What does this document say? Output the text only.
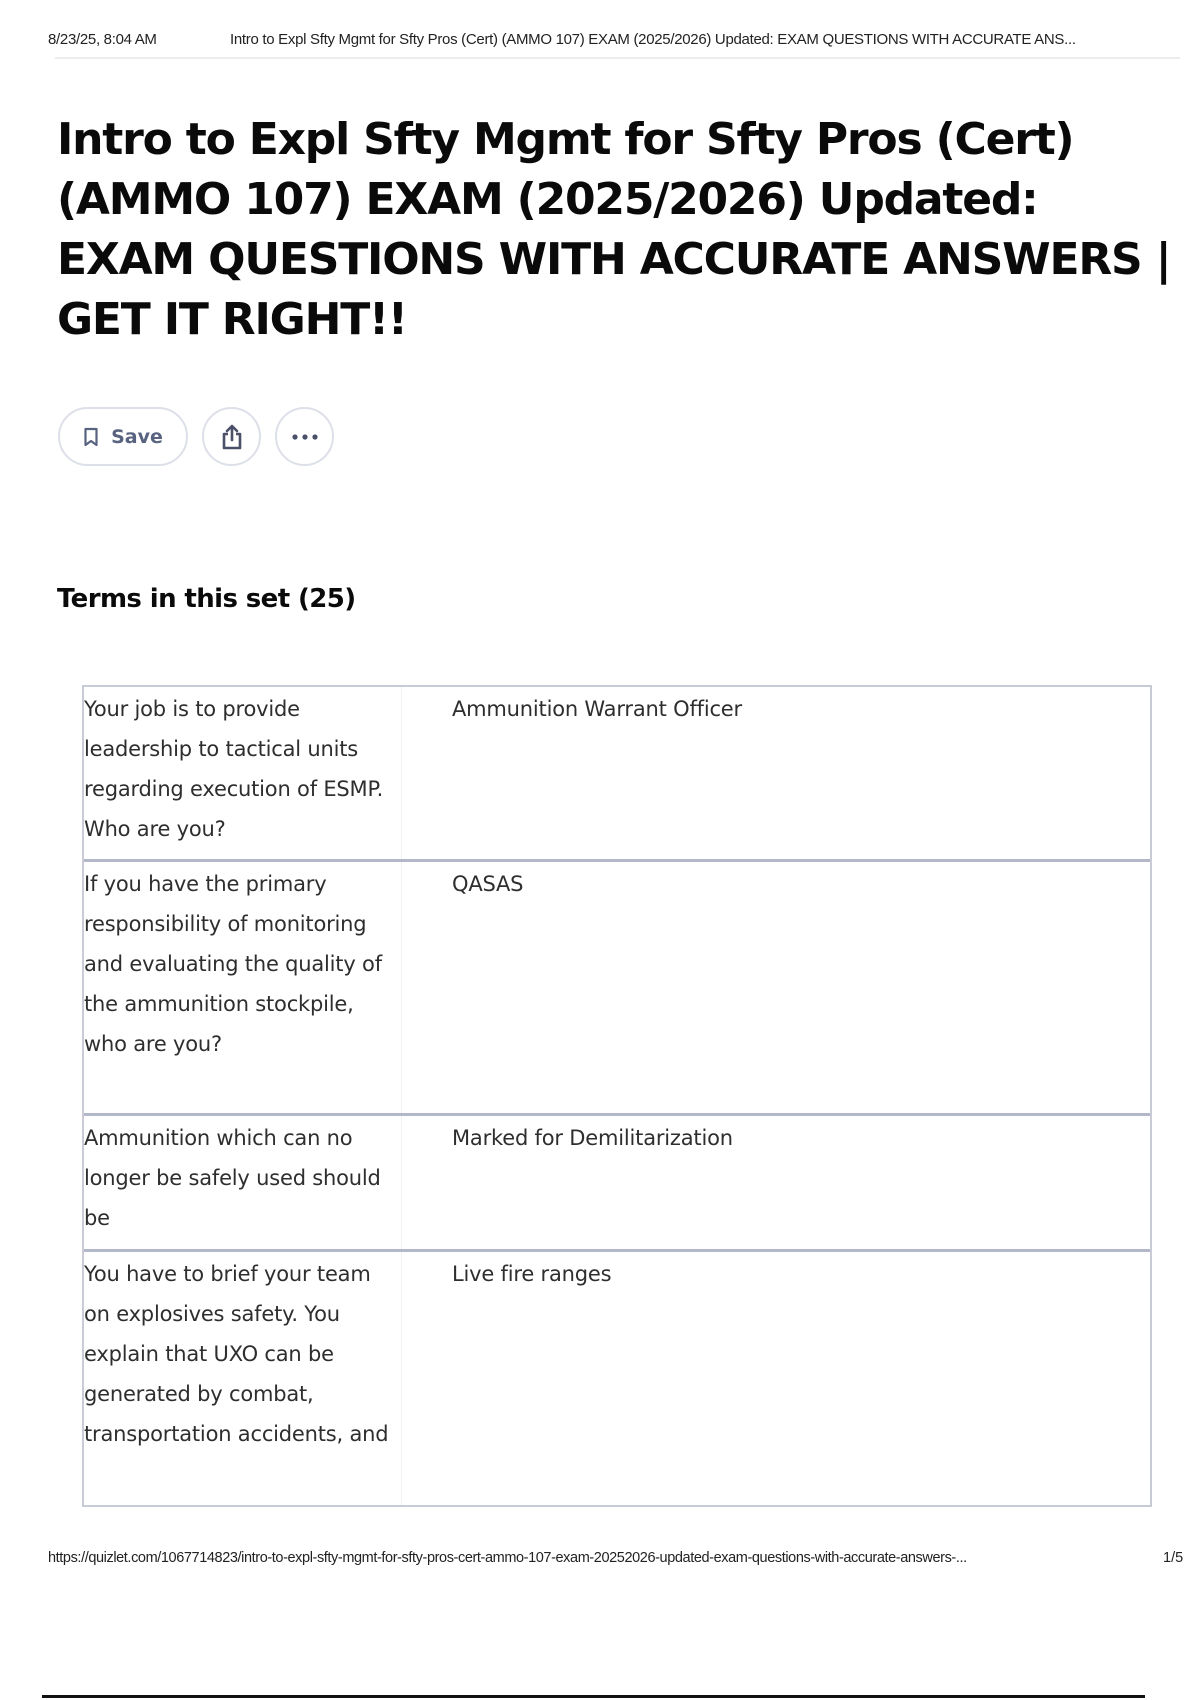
8/23/25, 8:04 AM	Intro to Expl Sfty Mgmt for Sfty Pros (Cert) (AMMO 107) EXAM (2025/2026) Updated: EXAM QUESTIONS WITH ACCURATE ANS...
Intro to Expl Sfty Mgmt for Sfty Pros (Cert) (AMMO 107) EXAM (2025/2026) Updated: EXAM QUESTIONS WITH ACCURATE ANSWERS | GET IT RIGHT!!
Save
Terms in this set (25)
Your job is to provide leadership to tactical units regarding execution of ESMP. Who are you?
Ammunition Warrant Officer
If you have the primary responsibility of monitoring and evaluating the quality of the ammunition stockpile, who are you?
QASAS
Ammunition which can no longer be safely used should be
Marked for Demilitarization
You have to brief your team on explosives safety. You explain that UXO can be generated by combat, transportation accidents, and
Live fire ranges
https://quizlet.com/1067714823/intro-to-expl-sfty-mgmt-for-sfty-pros-cert-ammo-107-exam-20252026-updated-exam-questions-with-accurate-answers-...	1/5
